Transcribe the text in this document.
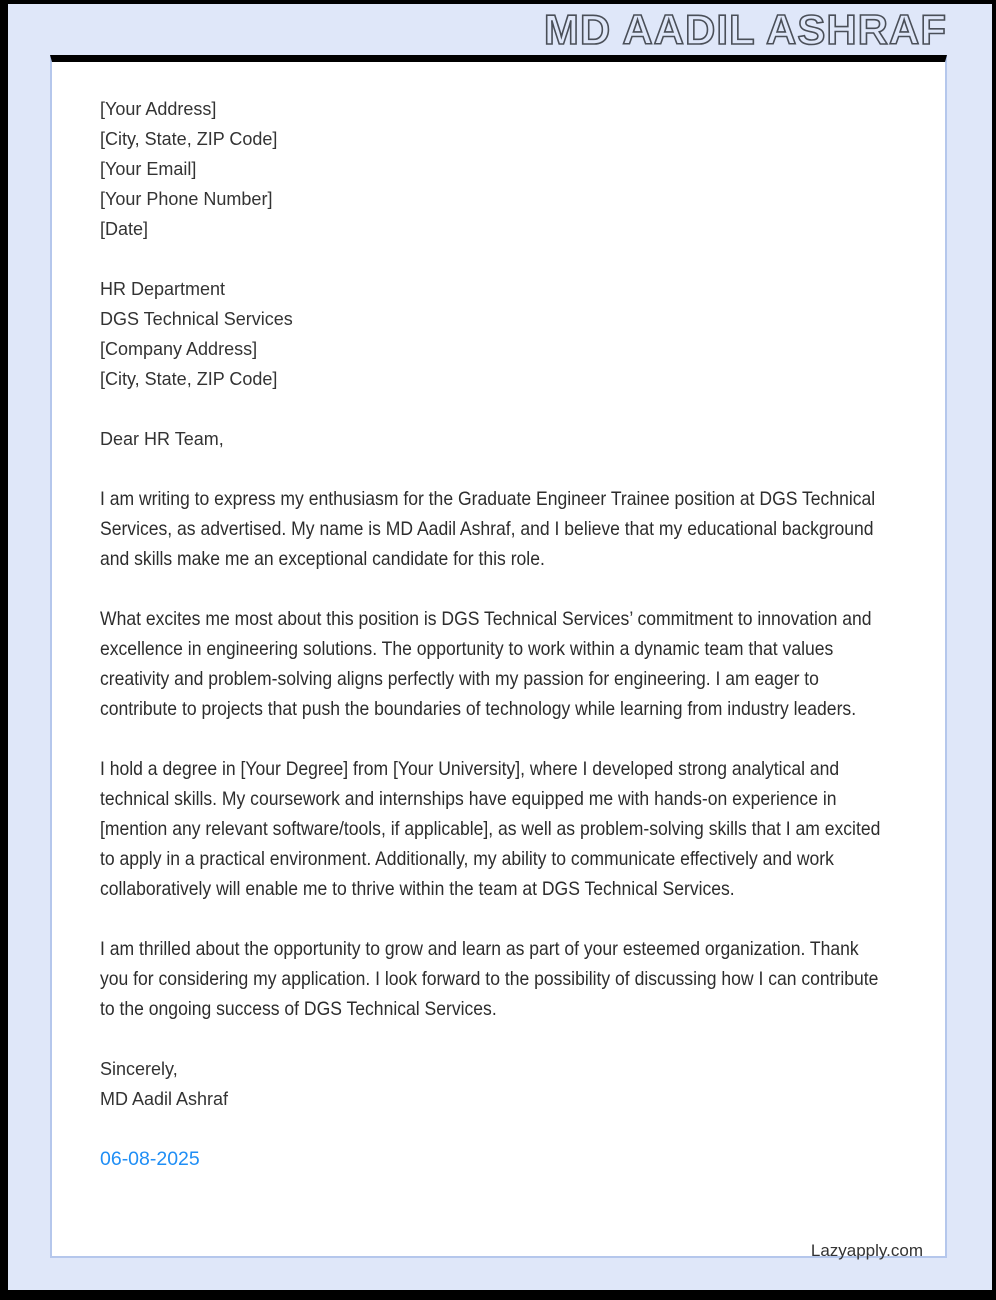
MD AADIL ASHRAF
[Your Address]
[City, State, ZIP Code]
[Your Email]
[Your Phone Number]
[Date]
HR Department
DGS Technical Services
[Company Address]
[City, State, ZIP Code]
Dear HR Team,

I am writing to express my enthusiasm for the Graduate Engineer Trainee position at DGS Technical Services, as advertised. My name is MD Aadil Ashraf, and I believe that my educational background and skills make me an exceptional candidate for this role.

What excites me most about this position is DGS Technical Services’ commitment to innovation and excellence in engineering solutions. The opportunity to work within a dynamic team that values creativity and problem-solving aligns perfectly with my passion for engineering. I am eager to contribute to projects that push the boundaries of technology while learning from industry leaders.

I hold a degree in [Your Degree] from [Your University], where I developed strong analytical and technical skills. My coursework and internships have equipped me with hands-on experience in [mention any relevant software/tools, if applicable], as well as problem-solving skills that I am excited to apply in a practical environment. Additionally, my ability to communicate effectively and work collaboratively will enable me to thrive within the team at DGS Technical Services.

I am thrilled about the opportunity to grow and learn as part of your esteemed organization. Thank you for considering my application. I look forward to the possibility of discussing how I can contribute to the ongoing success of DGS Technical Services.

Sincerely,
MD Aadil Ashraf
06-08-2025
Lazyapply.com
